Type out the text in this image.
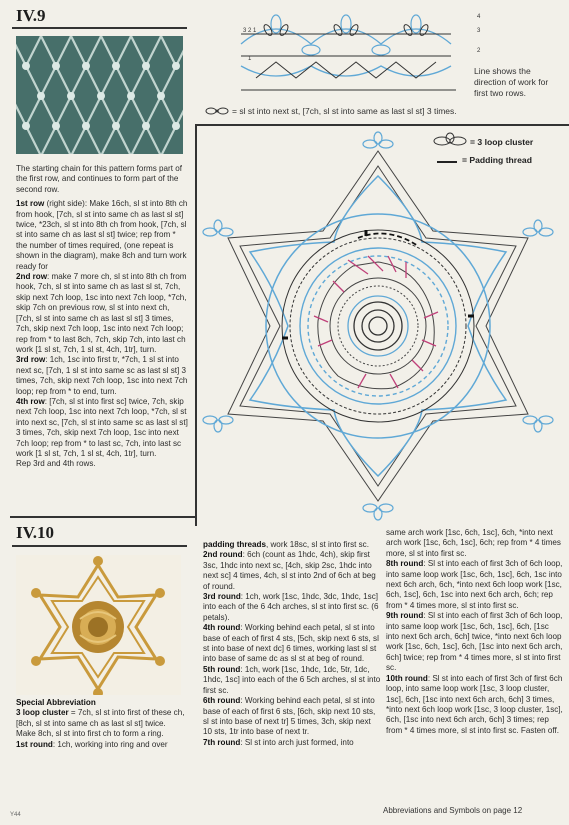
IV.9
3 2 1
4
3
1
2
Line shows the
direction of work for
first two rows.
= sl st into next st, [7ch, sl st into same as last sl st] 3 times.

The starting chain for this pattern forms part of the first row, and continues to form part of the second row.

1st row (right side): Make 16ch, sl st into 8th ch from hook, [7ch, sl st into same ch as last sl st] twice, *23ch, sl st into 8th ch from hook, [7ch, sl st into same ch as last sl st] twice; rep from * the number of times required, (one repeat is shown in the diagram), make 8ch and turn work ready for

2nd row: make 7 more ch, sl st into 8th ch from hook, 7ch, sl st into same ch as last sl st, 7ch, skip next 7ch loop, 1sc into next 7ch loop, *7ch, skip 7ch on previous row, sl st into next ch, [7ch, sl st into same ch as last sl st] 3 times, 7ch, skip next 7ch loop, 1sc into next 7ch loop; rep from * to last 8ch, 7ch, skip 7ch, into last ch work [1 sl st, 7ch, 1 sl st, 4ch, 1tr], turn.

3rd row: 1ch, 1sc into first tr, *7ch, 1 sl st into next sc, [7ch, 1 sl st into same sc as last sl st] 3 times, 7ch, skip next 7ch loop, 1sc into next 7ch loop; rep from * to end, turn.

4th row: [7ch, sl st into first sc] twice, 7ch, skip next 7ch loop, 1sc into next 7ch loop, *7ch, sl st into next sc, [7ch, sl st into same sc as last sl st] 3 times, 7ch, skip next 7ch loop, 1sc into next 7ch loop; rep from * to last sc, 7ch, into last sc work [1 sl st, 7ch, 1 sl st, 4ch, 1tr], turn.

Rep 3rd and 4th rows.

= 3 loop cluster
= Padding thread
IV.10

Special Abbreviation

3 loop cluster = 7ch, sl st into first of these ch, [8ch, sl st into same ch as last sl st] twice.

Make 8ch, sl st into first ch to form a ring.

1st round: 1ch, working into ring and over

padding threads, work 18sc, sl st into first sc.

2nd round: 6ch (count as 1hdc, 4ch), skip first 3sc, 1hdc into next sc, [4ch, skip 2sc, 1hdc into next sc] 4 times, 4ch, sl st into 2nd of 6ch at beg of round.

3rd round: 1ch, work [1sc, 1hdc, 3dc, 1hdc, 1sc] into each of the 6 4ch arches, sl st into first sc. (6 petals).

4th round: Working behind each petal, sl st into base of each of first 4 sts, [5ch, skip next 6 sts, sl st into base of next dc] 6 times, working last sl st into base of same dc as sl st at beg of round.

5th round: 1ch, work [1sc, 1hdc, 1dc, 5tr, 1dc, 1hdc, 1sc] into each of the 6 5ch arches, sl st into first sc.

6th round: Working behind each petal, sl st into base of each of first 6 sts, [6ch, skip next 10 sts, sl st into base of next tr] 5 times, 3ch, skip next 10 sts, 1tr into base of next tr.

7th round: Sl st into arch just formed, into

same arch work [1sc, 6ch, 1sc], 6ch, *into next arch work [1sc, 6ch, 1sc], 6ch; rep from * 4 times more, sl st into first sc.

8th round: Sl st into each of first 3ch of 6ch loop, into same loop work [1sc, 6ch, 1sc], 6ch, 1sc into next 6ch arch, 6ch, *into next 6ch loop work [1sc, 6ch, 1sc], 6ch, 1sc into next 6ch arch, 6ch; rep from * 4 times more, sl st into first sc.

9th round: Sl st into each of first 3ch of 6ch loop, into same loop work [1sc, 6ch, 1sc], 6ch, [1sc into next 6ch arch, 6ch] twice, *into next 6ch loop work [1sc, 6ch, 1sc], 6ch, [1sc into next 6ch arch, 6ch] twice; rep from * 4 times more, sl st into first sc.

10th round: Sl st into each of first 3ch of first 6ch loop, into same loop work [1sc, 3 loop cluster, 1sc], 6ch, [1sc into next 6ch arch, 6ch] 3 times, *into next 6ch loop work [1sc, 3 loop cluster, 1sc], 6ch, [1sc into next 6ch arch, 6ch] 3 times; rep from * 4 times more, sl st into first sc. Fasten off.

Y44	Abbreviations and Symbols on page 12
